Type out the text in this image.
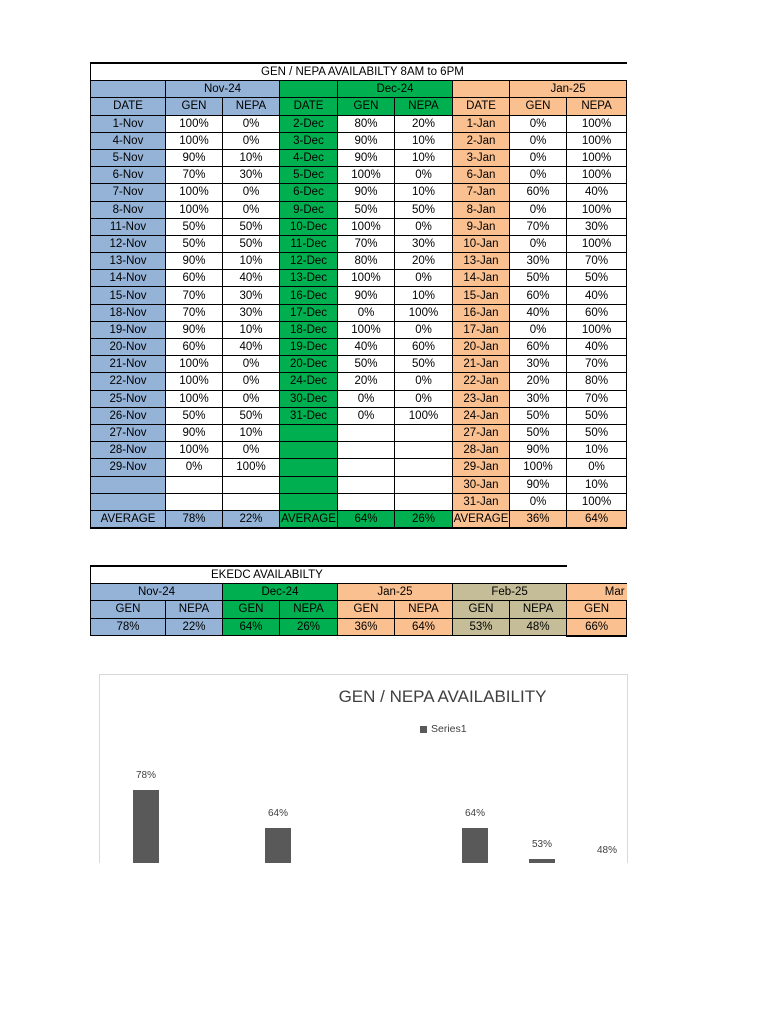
GEN / NEPA AVAILABILTY 8AM to 6PM								
	Nov-24			Dec-24			Jan-25	
DATE	GEN	NEPA	DATE	GEN	NEPA	DATE	GEN	NEPA
1-Nov	100%	0%	2-Dec	80%	20%	1-Jan	0%	100%
4-Nov	100%	0%	3-Dec	90%	10%	2-Jan	0%	100%
5-Nov	90%	10%	4-Dec	90%	10%	3-Jan	0%	100%
6-Nov	70%	30%	5-Dec	100%	0%	6-Jan	0%	100%
7-Nov	100%	0%	6-Dec	90%	10%	7-Jan	60%	40%
8-Nov	100%	0%	9-Dec	50%	50%	8-Jan	0%	100%
11-Nov	50%	50%	10-Dec	100%	0%	9-Jan	70%	30%
12-Nov	50%	50%	11-Dec	70%	30%	10-Jan	0%	100%
13-Nov	90%	10%	12-Dec	80%	20%	13-Jan	30%	70%
14-Nov	60%	40%	13-Dec	100%	0%	14-Jan	50%	50%
15-Nov	70%	30%	16-Dec	90%	10%	15-Jan	60%	40%
18-Nov	70%	30%	17-Dec	0%	100%	16-Jan	40%	60%
19-Nov	90%	10%	18-Dec	100%	0%	17-Jan	0%	100%
20-Nov	60%	40%	19-Dec	40%	60%	20-Jan	60%	40%
21-Nov	100%	0%	20-Dec	50%	50%	21-Jan	30%	70%
22-Nov	100%	0%	24-Dec	20%	0%	22-Jan	20%	80%
25-Nov	100%	0%	30-Dec	0%	0%	23-Jan	30%	70%
26-Nov	50%	50%	31-Dec	0%	100%	24-Jan	50%	50%
27-Nov	90%	10%				27-Jan	50%	50%
28-Nov	100%	0%				28-Jan	90%	10%
29-Nov	0%	100%				29-Jan	100%	0%
						30-Jan	90%	10%
						31-Jan	0%	100%
AVERAGE	78%	22%	AVERAGE	64%	26%	AVERAGE	36%	64%
EKEDC AVAILABILTY								
Nov-24		Dec-24		Jan-25		Feb-25		Mar
GEN	NEPA	GEN	NEPA	GEN	NEPA	GEN	NEPA	GEN
78%	22%	64%	26%	36%	64%	53%	48%	66%
GEN / NEPA AVAILABILITY
Series1
78%
64%	64%
53%
48%
